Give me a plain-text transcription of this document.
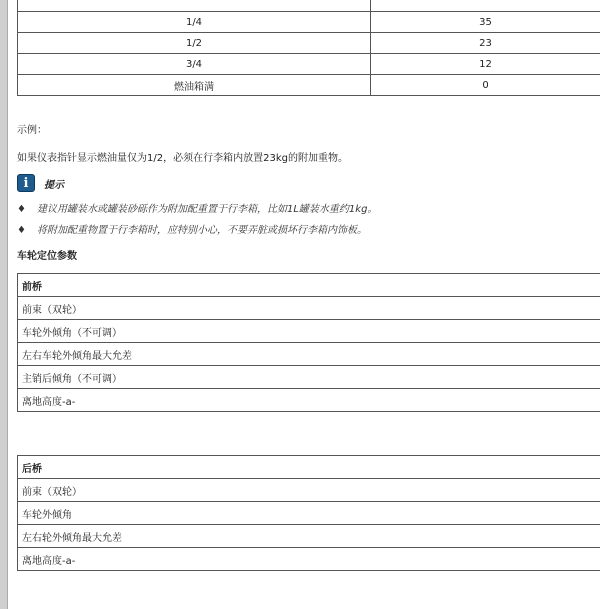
1/4	35
1/2	23
3/4	12
燃油箱满	0
示例：
如果仪表指针显示燃油量仅为1/2，必须在行李箱内放置23kg的附加重物。
i	提示
♦ 建议用罐装水或罐装砂砾作为附加配重置于行李箱，比如1L罐装水重约1kg。
♦ 将附加配重物置于行李箱时，应特别小心，不要弄脏或损坏行李箱内饰板。
车轮定位参数
前桥
前束（双轮）
车轮外倾角（不可调）
左右车轮外倾角最大允差
主销后倾角（不可调）
离地高度-a-
后桥
前束（双轮）
车轮外倾角
左右轮外倾角最大允差
离地高度-a-
